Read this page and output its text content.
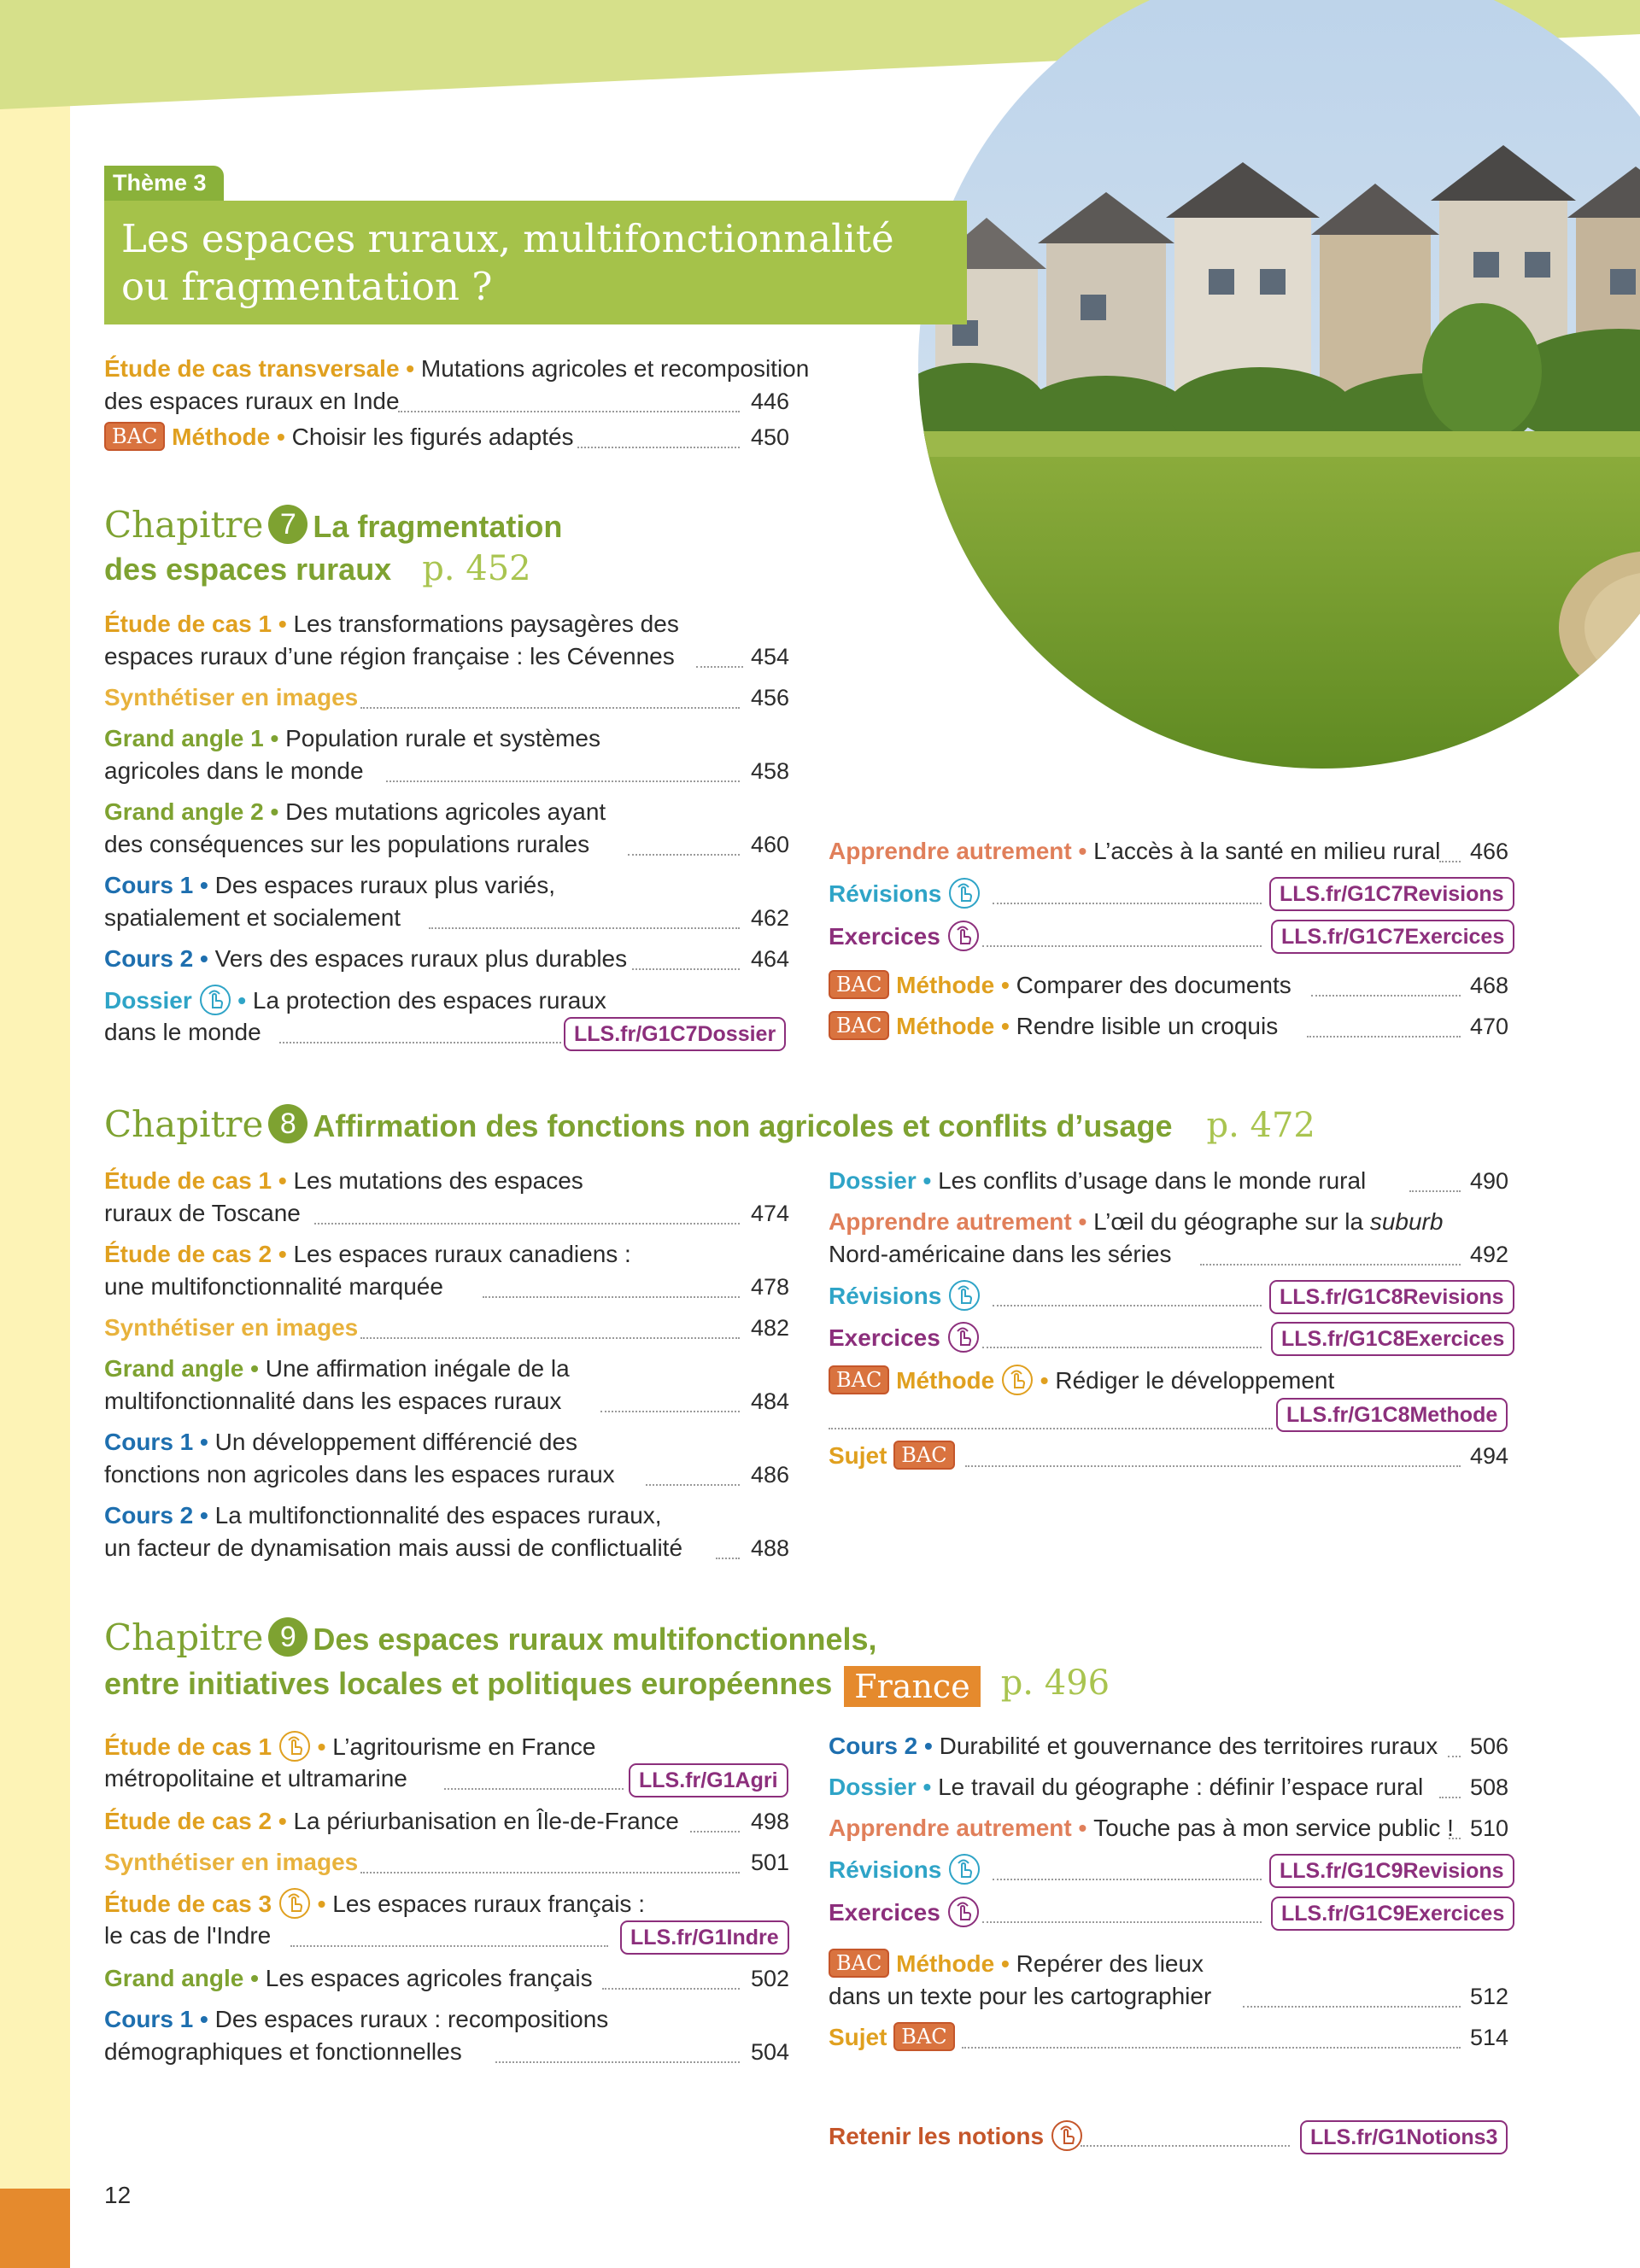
Thème 3
Les espaces ruraux, multifonctionnalité
ou fragmentation ?
Étude de cas transversale • Mutations agricoles et recomposition
des espaces ruraux en Inde	446
BAC Méthode • Choisir les figurés adaptés	450
Chapitre 7 La fragmentation
des espaces ruraux p. 452
Étude de cas 1 • Les transformations paysagères des
espaces ruraux d’une région française : les Cévennes	454
Synthétiser en images	456
Grand angle 1 • Population rurale et systèmes
agricoles dans le monde	458
Grand angle 2 • Des mutations agricoles ayant
des conséquences sur les populations rurales	460
Cours 1 • Des espaces ruraux plus variés,
spatialement et socialement	462
Cours 2 • Vers des espaces ruraux plus durables	464
Dossier  • La protection des espaces ruraux
dans le monde	LLS.fr/G1C7Dossier
Apprendre autrement • L’accès à la santé en milieu rural	466
Révisions	LLS.fr/G1C7Revisions
Exercices	LLS.fr/G1C7Exercices
BAC Méthode • Comparer des documents	468
BAC Méthode • Rendre lisible un croquis	470
Chapitre 8 Affirmation des fonctions non agricoles et conflits d’usage p. 472
Étude de cas 1 • Les mutations des espaces
ruraux de Toscane	474
Étude de cas 2 • Les espaces ruraux canadiens :
une multifonctionnalité marquée	478
Synthétiser en images	482
Grand angle • Une affirmation inégale de la
multifonctionnalité dans les espaces ruraux	484
Cours 1 • Un développement différencié des
fonctions non agricoles dans les espaces ruraux	486
Cours 2 • La multifonctionnalité des espaces ruraux,
un facteur de dynamisation mais aussi de conflictualité	488
Dossier • Les conflits d’usage dans le monde rural	490
Apprendre autrement • L’œil du géographe sur la suburb
Nord-américaine dans les séries	492
Révisions	LLS.fr/G1C8Revisions
Exercices	LLS.fr/G1C8Exercices
BAC Méthode  • Rédiger le développement
LLS.fr/G1C8Methode
Sujet BAC	494
Chapitre 9 Des espaces ruraux multifonctionnels,
entre initiatives locales et politiques européennes France p. 496
Étude de cas 1  • L’agritourisme en France
métropolitaine et ultramarine	LLS.fr/G1Agri
Étude de cas 2 • La périurbanisation en Île-de-France	498
Synthétiser en images	501
Étude de cas 3  • Les espaces ruraux français :
le cas de l'Indre	LLS.fr/G1Indre
Grand angle • Les espaces agricoles français	502
Cours 1 • Des espaces ruraux : recompositions
démographiques et fonctionnelles	504
Cours 2 • Durabilité et gouvernance des territoires ruraux	506
Dossier • Le travail du géographe : définir l’espace rural	508
Apprendre autrement • Touche pas à mon service public ! 510
Révisions	LLS.fr/G1C9Revisions
Exercices	LLS.fr/G1C9Exercices
BAC Méthode • Repérer des lieux
dans un texte pour les cartographier	512
Sujet BAC	514
Retenir les notions	LLS.fr/G1Notions3
12
